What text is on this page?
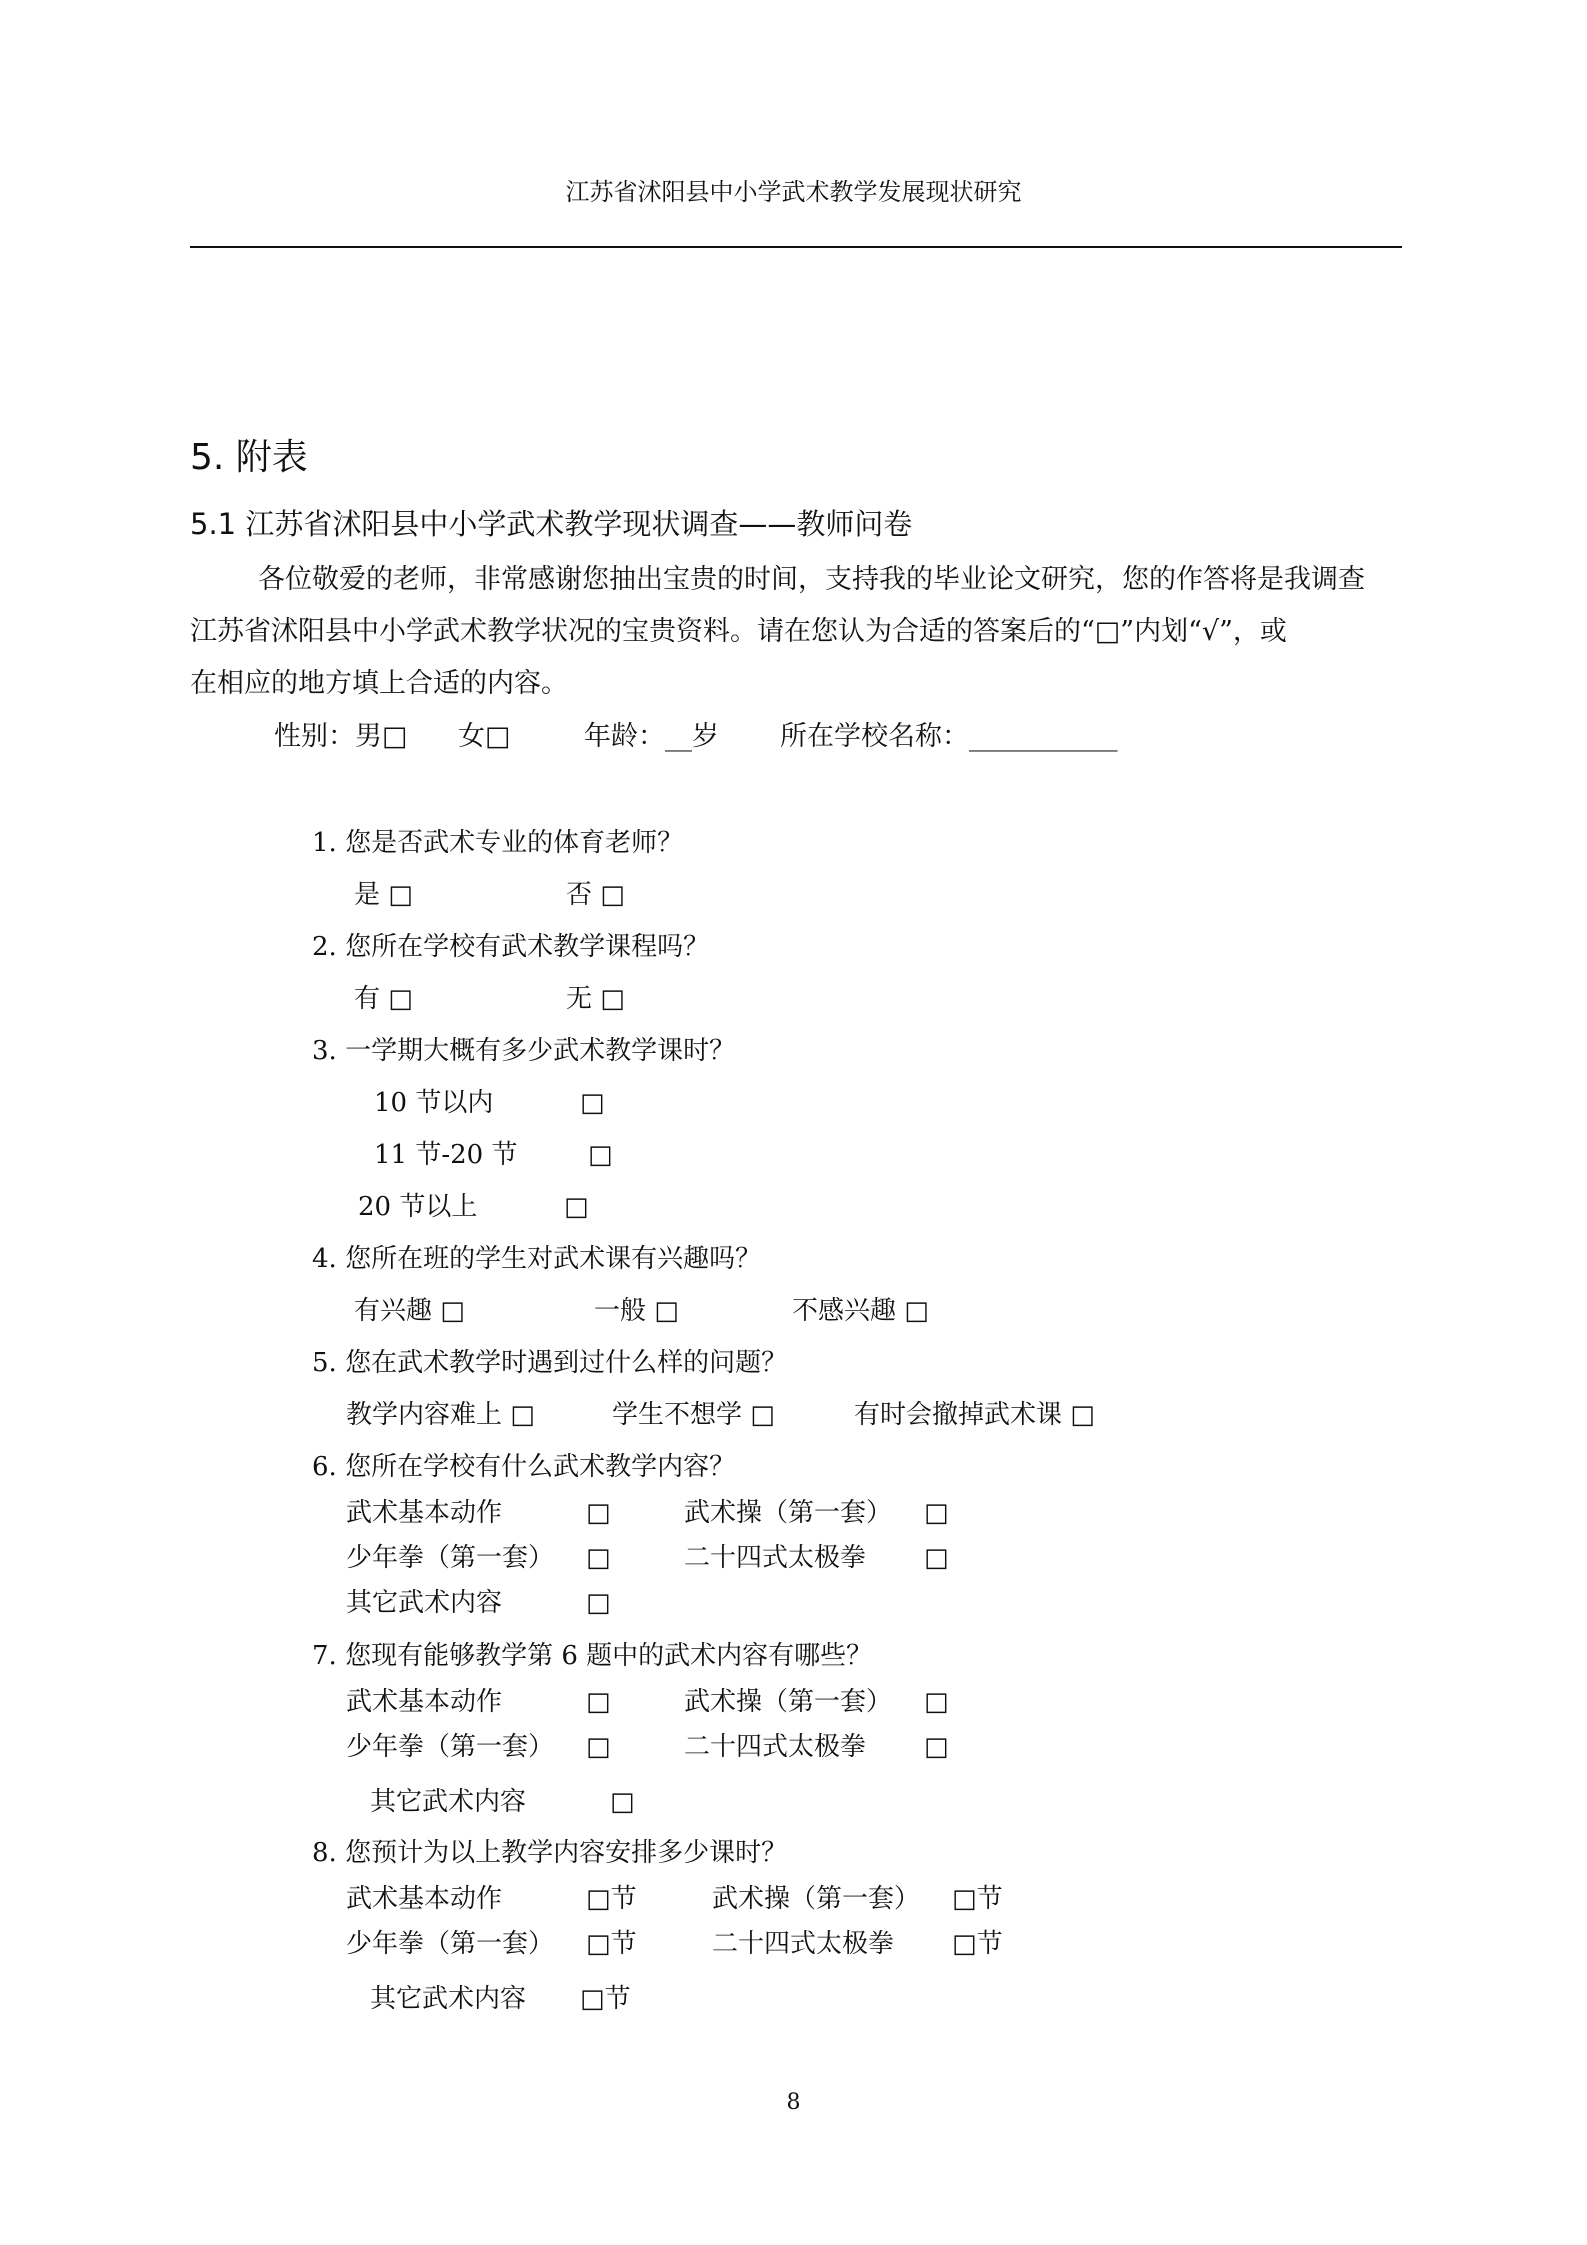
江苏省沭阳县中小学武术教学发展现状研究
5. 附表
5.1 江苏省沭阳县中小学武术教学现状调查——教师问卷
各位敬爱的老师，非常感谢您抽出宝贵的时间，支持我的毕业论文研究，您的作答将是我调查
江苏省沭阳县中小学武术教学状况的宝贵资料。请在您认为合适的答案后的“□”内划“√”，或
在相应的地方填上合适的内容。
性别：男□ 女□	年龄：__岁 所在学校名称：___________
1. 您是否武术专业的体育老师？
是 □	否 □
2. 您所在学校有武术教学课程吗？
有 □	无 □
3. 一学期大概有多少武术教学课时？
10 节以内	□
11 节-20 节	□
20 节以上	□
4. 您所在班的学生对武术课有兴趣吗？
有兴趣 □	一般 □	不感兴趣 □
5. 您在武术教学时遇到过什么样的问题？
教学内容难上 □	学生不想学 □	有时会撤掉武术课 □
6. 您所在学校有什么武术教学内容？
武术基本动作	□	武术操（第一套） □
少年拳（第一套） □	二十四式太极拳 □
其它武术内容	□
7. 您现有能够教学第 6 题中的武术内容有哪些？
武术基本动作	□	武术操（第一套） □
少年拳（第一套） □	二十四式太极拳 □
其它武术内容	□
8. 您预计为以上教学内容安排多少课时？
武术基本动作	□节	武术操（第一套） □节
少年拳（第一套） □节	二十四式太极拳 □节
其它武术内容 □节
8
